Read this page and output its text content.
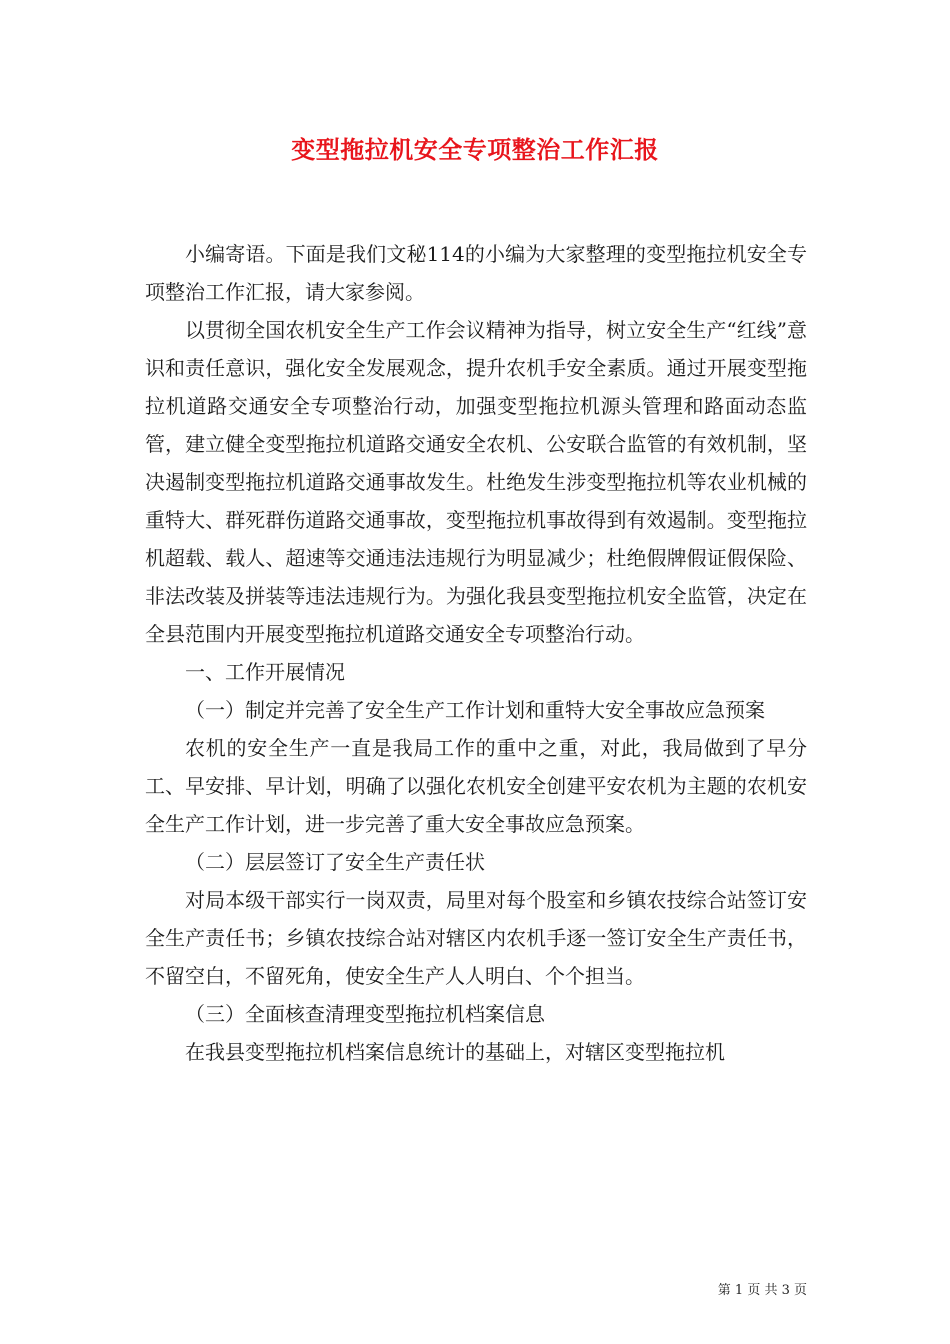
变型拖拉机安全专项整治工作汇报

小编寄语。下面是我们文秘114的小编为大家整理的变型拖拉机安全专项整治工作汇报，请大家参阅。

以贯彻全国农机安全生产工作会议精神为指导，树立安全生产“红线”意识和责任意识，强化安全发展观念，提升农机手安全素质。通过开展变型拖拉机道路交通安全专项整治行动，加强变型拖拉机源头管理和路面动态监管，建立健全变型拖拉机道路交通安全农机、公安联合监管的有效机制，坚决遏制变型拖拉机道路交通事故发生。杜绝发生涉变型拖拉机等农业机械的重特大、群死群伤道路交通事故，变型拖拉机事故得到有效遏制。变型拖拉机超载、载人、超速等交通违法违规行为明显减少；杜绝假牌假证假保险、非法改装及拼装等违法违规行为。为强化我县变型拖拉机安全监管，决定在全县范围内开展变型拖拉机道路交通安全专项整治行动。

一、工作开展情况

（一）制定并完善了安全生产工作计划和重特大安全事故应急预案

农机的安全生产一直是我局工作的重中之重，对此，我局做到了早分工、早安排、早计划，明确了以强化农机安全创建平安农机为主题的农机安全生产工作计划，进一步完善了重大安全事故应急预案。

（二）层层签订了安全生产责任状

对局本级干部实行一岗双责，局里对每个股室和乡镇农技综合站签订安全生产责任书；乡镇农技综合站对辖区内农机手逐一签订安全生产责任书，不留空白，不留死角，使安全生产人人明白、个个担当。

（三）全面核查清理变型拖拉机档案信息

在我县变型拖拉机档案信息统计的基础上，对辖区变型拖拉机

第 1 页 共 3 页
